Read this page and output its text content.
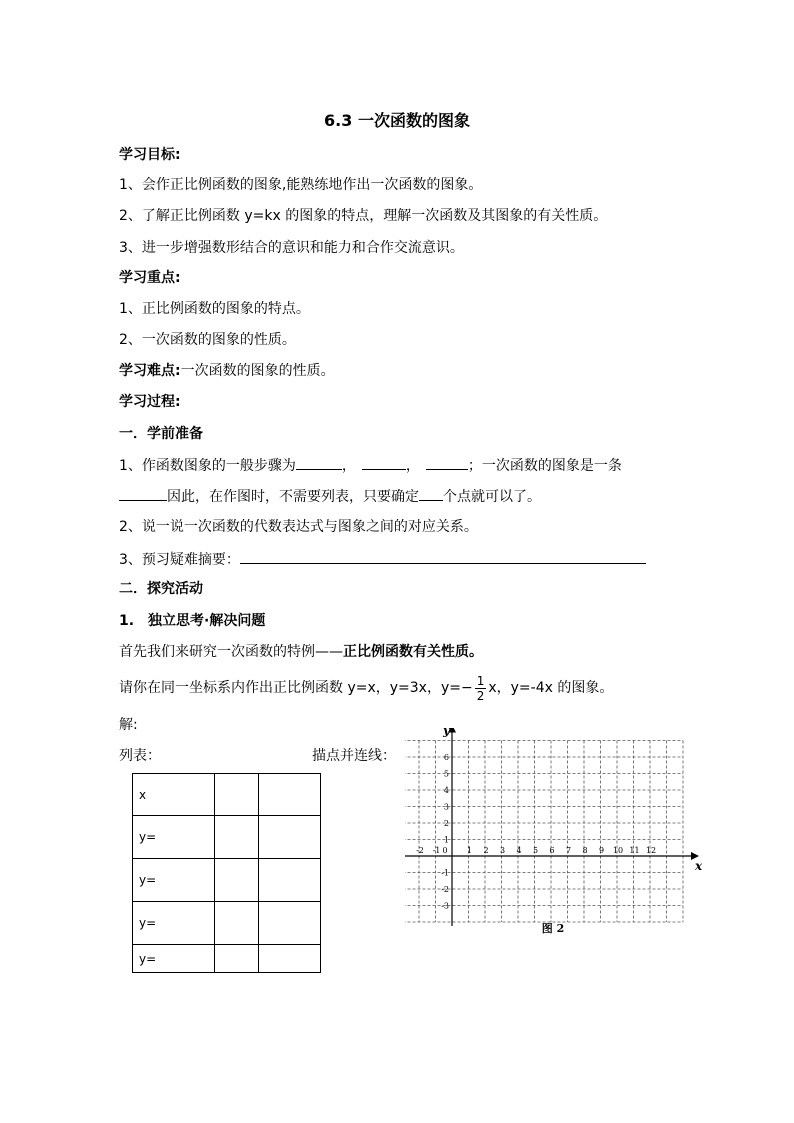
6.3 一次函数的图象
学习目标:
1、会作正比例函数的图象,能熟练地作出一次函数的图象。
2、了解正比例函数 y=kx 的图象的特点，理解一次函数及其图象的有关性质。
3、进一步增强数形结合的意识和能力和合作交流意识。
学习重点:
1、正比例函数的图象的特点。
2、一次函数的图象的性质。
学习难点:一次函数的图象的性质。
学习过程:
一．学前准备
1、作函数图象的一般步骤为	，	，	；一次函数的图象是一条
因此，在作图时，不需要列表，只要确定 个点就可以了。
2、说一说一次函数的代数表达式与图象之间的对应关系。
3、预习疑难摘要：
二．探究活动
1.　独立思考·解决问题
首先我们来研究一次函数的特例——正比例函数有关性质。
请你在同一坐标系内作出正比例函数 y=x，y=3x，$y=- \frac{1}{2}$ x，y=-4x 的图象。
解:
列表：	描点并连线：
x		
y=		
y=		
y=		
y=		
x
y
0
-2 -1	1 2 3 4 5 6 7 8 9 10 11 12
6
5
4
3
2
1
-1
-2
-3
图 2
